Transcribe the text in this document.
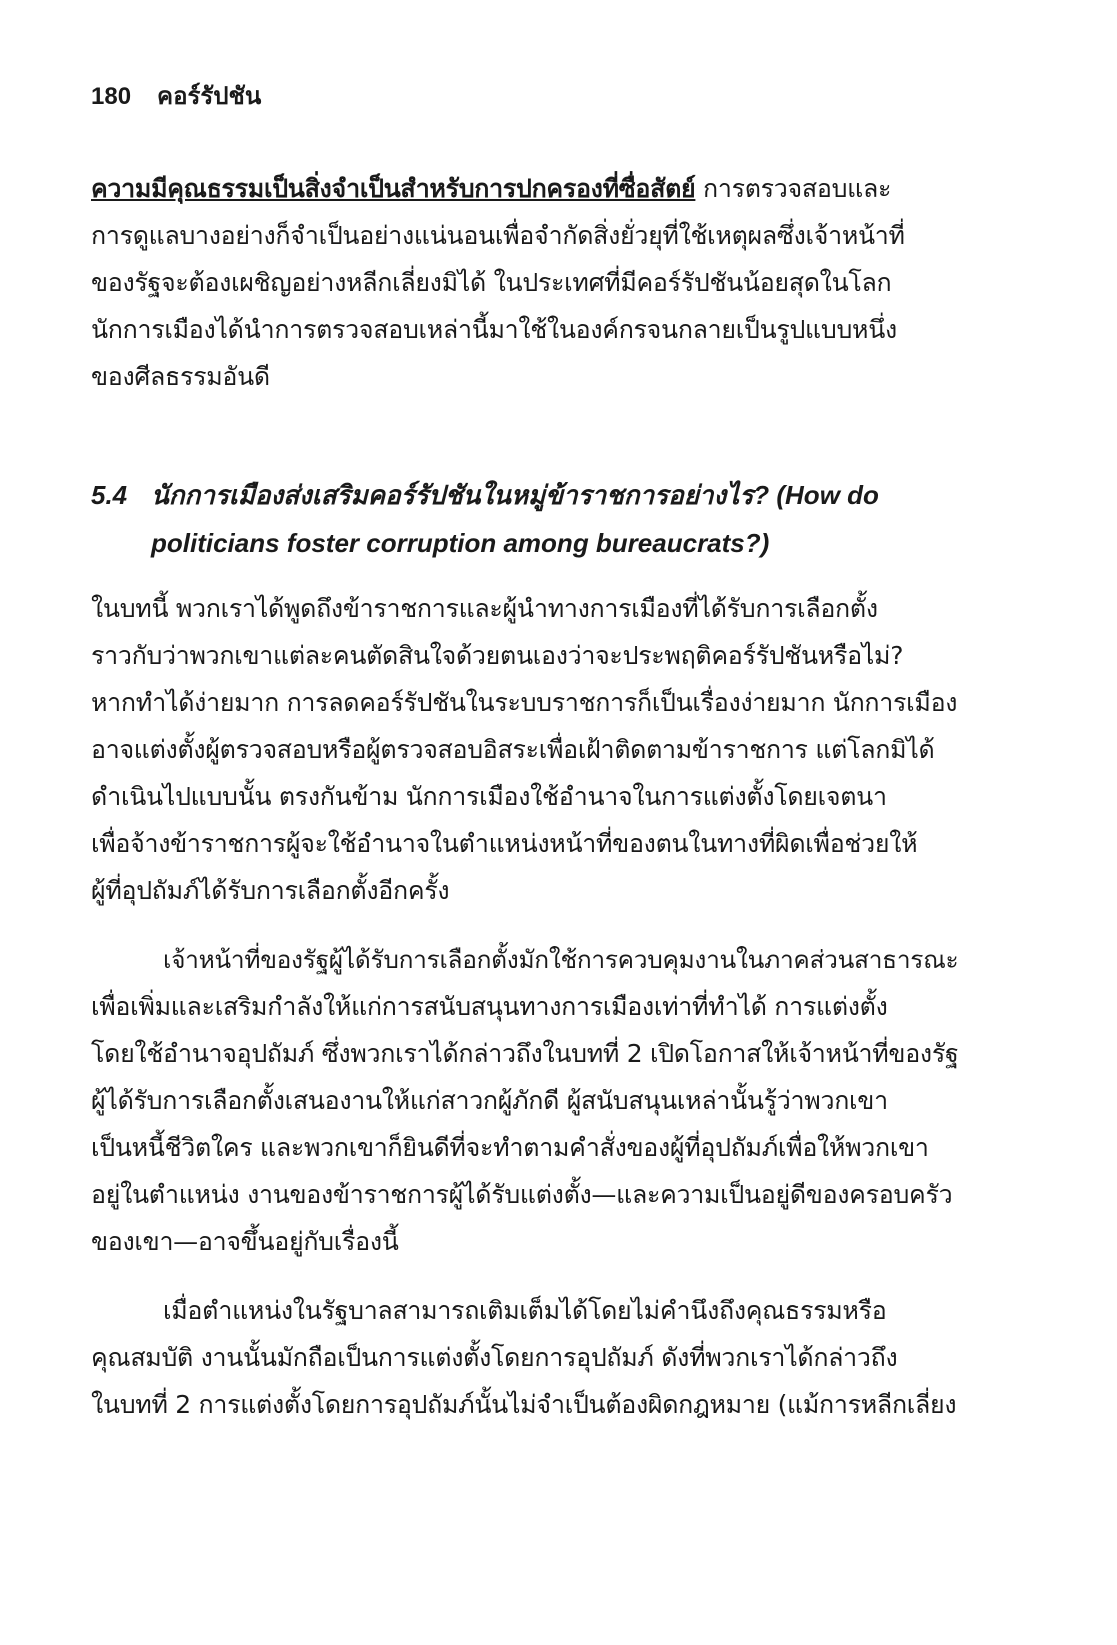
180 คอร์รัปชัน
ความมีคุณธรรมเป็นสิ่งจำเป็นสำหรับการปกครองที่ซื่อสัตย์ การตรวจสอบและ
การดูแลบางอย่างก็จำเป็นอย่างแน่นอนเพื่อจำกัดสิ่งยั่วยุที่ใช้เหตุผลซึ่งเจ้าหน้าที่
ของรัฐจะต้องเผชิญอย่างหลีกเลี่ยงมิได้ ในประเทศที่มีคอร์รัปชันน้อยสุดในโลก
นักการเมืองได้นำการตรวจสอบเหล่านี้มาใช้ในองค์กรจนกลายเป็นรูปแบบหนึ่ง
ของศีลธรรมอันดี
5.4 นักการเมืองส่งเสริมคอร์รัปชันในหมู่ข้าราชการอย่างไร? (How do
politicians foster corruption among bureaucrats?)
ในบทนี้ พวกเราได้พูดถึงข้าราชการและผู้นำทางการเมืองที่ได้รับการเลือกตั้ง
ราวกับว่าพวกเขาแต่ละคนตัดสินใจด้วยตนเองว่าจะประพฤติคอร์รัปชันหรือไม่?
หากทำได้ง่ายมาก การลดคอร์รัปชันในระบบราชการก็เป็นเรื่องง่ายมาก นักการเมือง
อาจแต่งตั้งผู้ตรวจสอบหรือผู้ตรวจสอบอิสระเพื่อเฝ้าติดตามข้าราชการ แต่โลกมิได้
ดำเนินไปแบบนั้น ตรงกันข้าม นักการเมืองใช้อำนาจในการแต่งตั้งโดยเจตนา
เพื่อจ้างข้าราชการผู้จะใช้อำนาจในตำแหน่งหน้าที่ของตนในทางที่ผิดเพื่อช่วยให้
ผู้ที่อุปถัมภ์ได้รับการเลือกตั้งอีกครั้ง
เจ้าหน้าที่ของรัฐผู้ได้รับการเลือกตั้งมักใช้การควบคุมงานในภาคส่วนสาธารณะ
เพื่อเพิ่มและเสริมกำลังให้แก่การสนับสนุนทางการเมืองเท่าที่ทำได้ การแต่งตั้ง
โดยใช้อำนาจอุปถัมภ์ ซึ่งพวกเราได้กล่าวถึงในบทที่ 2 เปิดโอกาสให้เจ้าหน้าที่ของรัฐ
ผู้ได้รับการเลือกตั้งเสนองานให้แก่สาวกผู้ภักดี ผู้สนับสนุนเหล่านั้นรู้ว่าพวกเขา
เป็นหนี้ชีวิตใคร และพวกเขาก็ยินดีที่จะทำตามคำสั่งของผู้ที่อุปถัมภ์เพื่อให้พวกเขา
อยู่ในตำแหน่ง งานของข้าราชการผู้ได้รับแต่งตั้ง—และความเป็นอยู่ดีของครอบครัว
ของเขา—อาจขึ้นอยู่กับเรื่องนี้
เมื่อตำแหน่งในรัฐบาลสามารถเติมเต็มได้โดยไม่คำนึงถึงคุณธรรมหรือ
คุณสมบัติ งานนั้นมักถือเป็นการแต่งตั้งโดยการอุปถัมภ์ ดังที่พวกเราได้กล่าวถึง
ในบทที่ 2 การแต่งตั้งโดยการอุปถัมภ์นั้นไม่จำเป็นต้องผิดกฎหมาย (แม้การหลีกเลี่ยง
